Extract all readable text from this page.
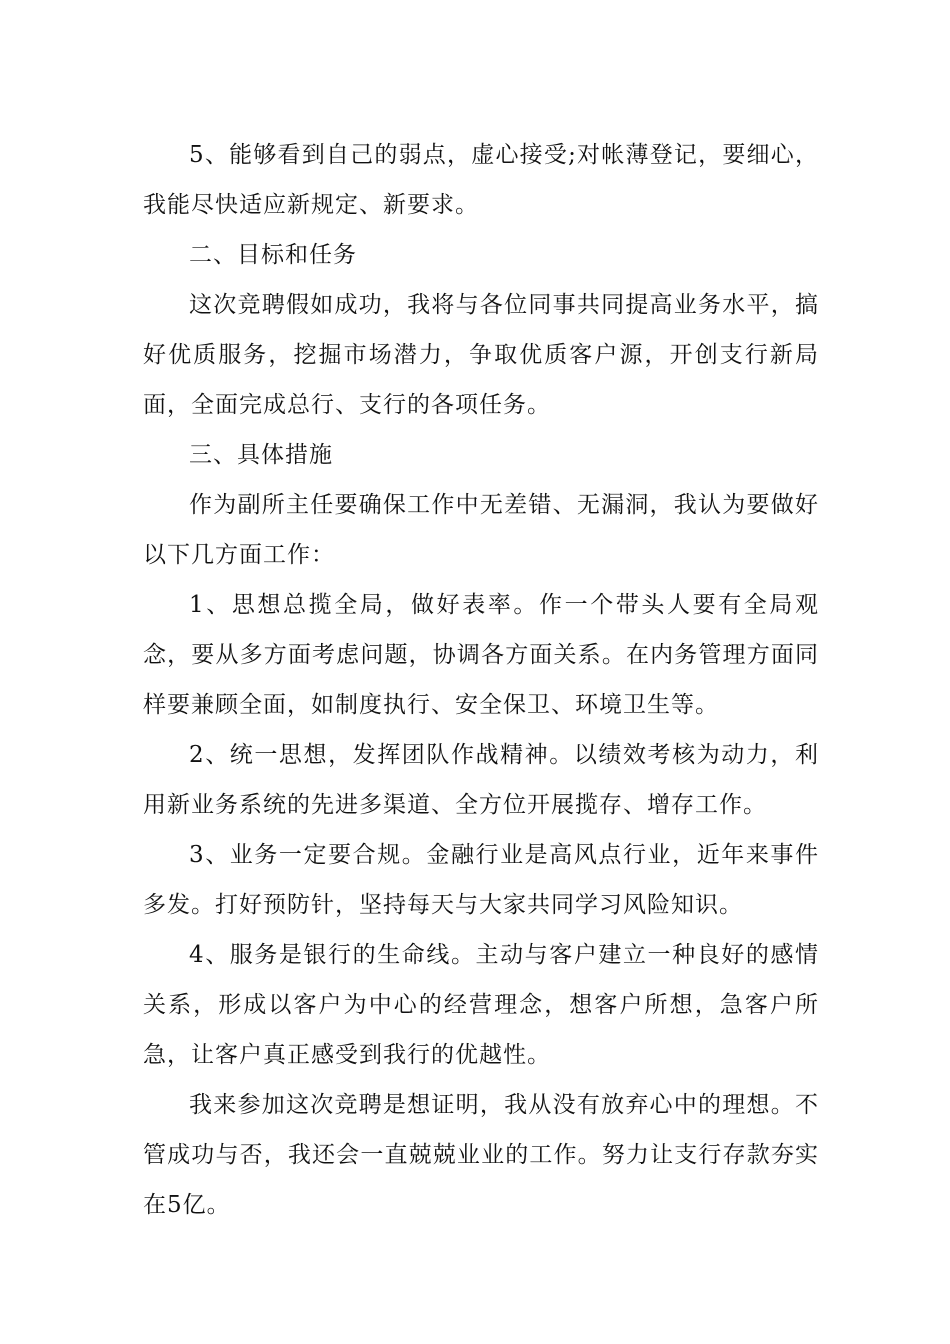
5、能够看到自己的弱点，虚心接受;对帐薄登记，要细心，我能尽快适应新规定、新要求。

二、目标和任务

这次竞聘假如成功，我将与各位同事共同提高业务水平，搞好优质服务，挖掘市场潜力，争取优质客户源，开创支行新局面，全面完成总行、支行的各项任务。

三、具体措施

作为副所主任要确保工作中无差错、无漏洞，我认为要做好以下几方面工作：

1、思想总揽全局，做好表率。作一个带头人要有全局观念，要从多方面考虑问题，协调各方面关系。在内务管理方面同样要兼顾全面，如制度执行、安全保卫、环境卫生等。

2、统一思想，发挥团队作战精神。以绩效考核为动力，利用新业务系统的先进多渠道、全方位开展揽存、增存工作。

3、业务一定要合规。金融行业是高风点行业，近年来事件多发。打好预防针，坚持每天与大家共同学习风险知识。

4、服务是银行的生命线。主动与客户建立一种良好的感情关系，形成以客户为中心的经营理念，想客户所想，急客户所急，让客户真正感受到我行的优越性。

我来参加这次竞聘是想证明，我从没有放弃心中的理想。不管成功与否，我还会一直兢兢业业的工作。努力让支行存款夯实在5亿。
